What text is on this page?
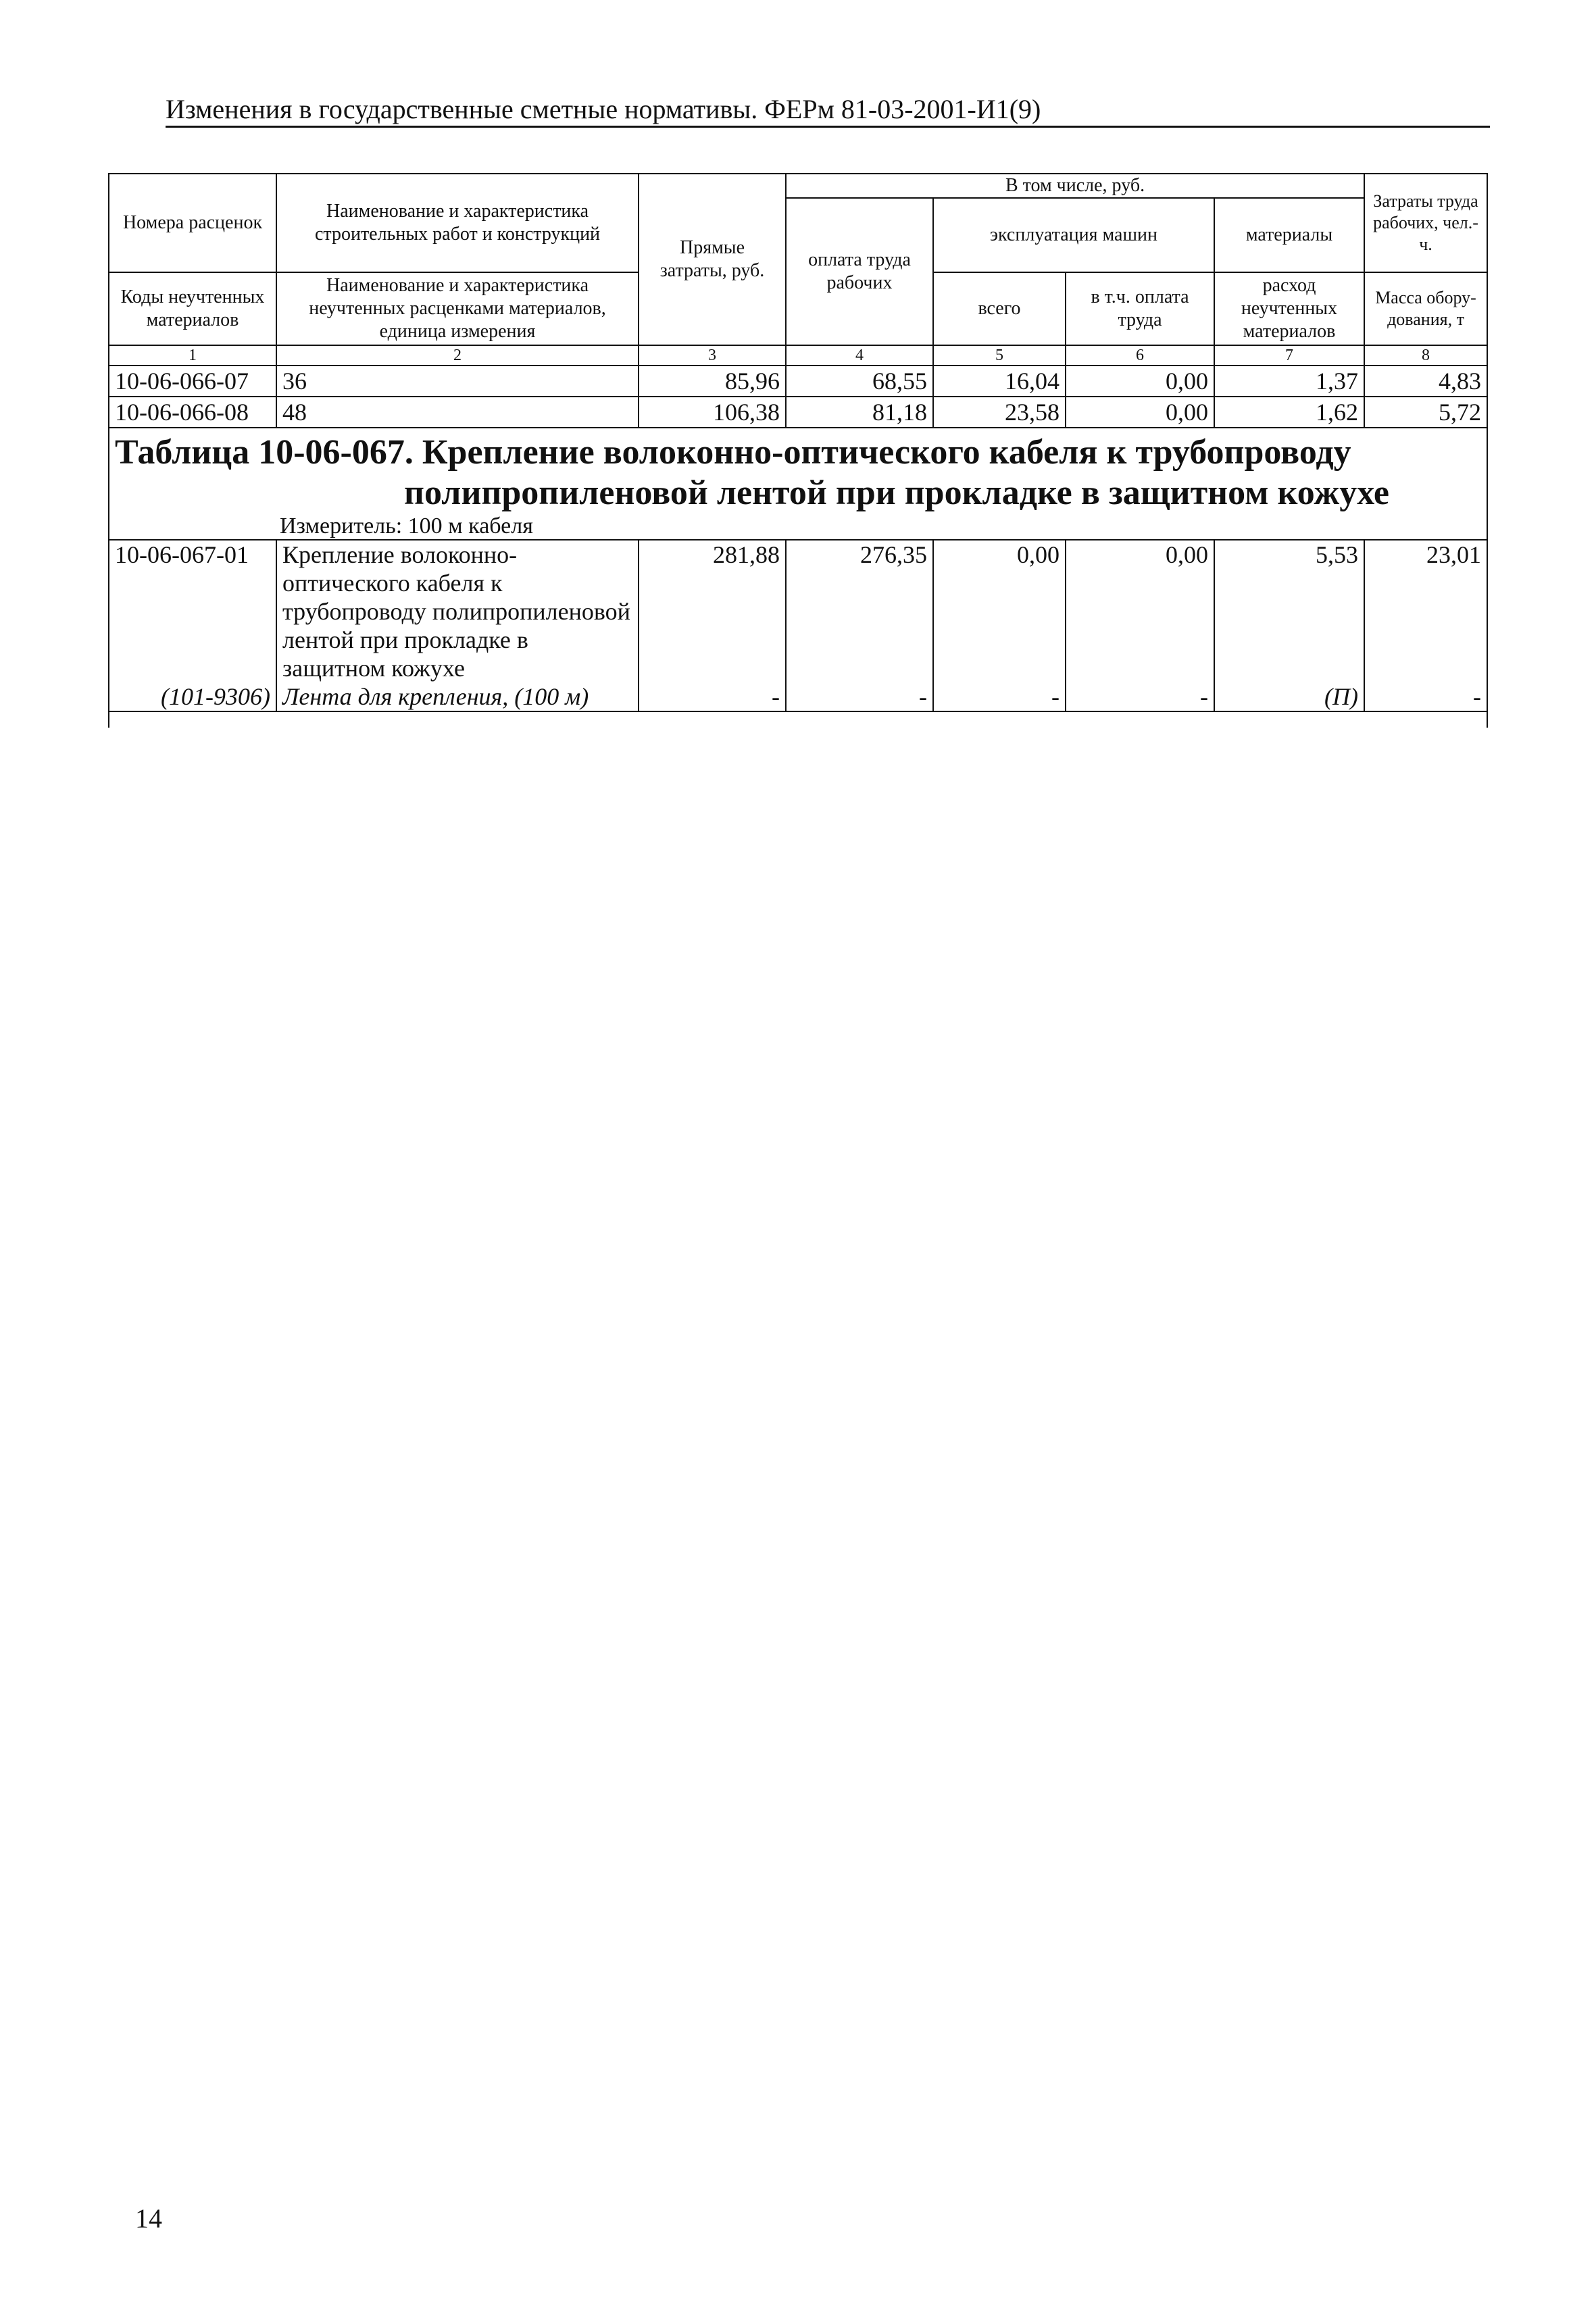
Изменения в государственные сметные нормативы. ФЕРм 81-03-2001-И1(9)
Номера расценок	Наименование и характеристика строительных работ и конструкций	Прямые затраты, руб.	В том числе, руб.				Затраты труда рабочих, чел.-ч.
			оплата труда рабочих	эксплуатация машин		материалы	

Коды неучтенных материалов	Наименование и характеристика неучтенных расценками материалов, единица измерения			всего	в т.ч. оплата труда	расход неучтенных материалов	Масса обору-дования, т

1	2	3	4	5	6	7	8
10-06-066-07	36	85,96	68,55	16,04	0,00	1,37	4,83
10-06-066-08	48	106,38	81,18	23,58	0,00	1,62	5,72

Таблица 10-06-067. Крепление волоконно-оптического кабеля к трубопроводу
полипропиленовой лентой при прокладке в защитном кожухе
Измеритель: 100 м кабеля							

10-06-067-01	Крепление волоконно-оптического кабеля к трубопроводу полипропиленовой лентой при прокладке в защитном кожухе	281,88	276,35	0,00	0,00	5,53	23,01
(101-9306)	Лента для крепления, (100 м)	-	-	-	-	(П)	-

14
